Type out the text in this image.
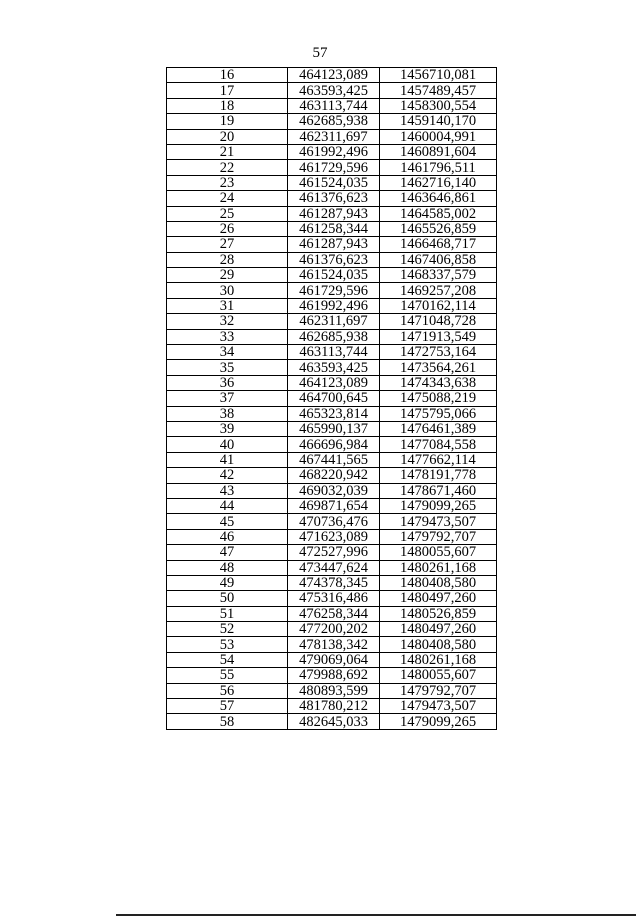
57
16	464123,089	1456710,081
17	463593,425	1457489,457
18	463113,744	1458300,554
19	462685,938	1459140,170
20	462311,697	1460004,991
21	461992,496	1460891,604
22	461729,596	1461796,511
23	461524,035	1462716,140
24	461376,623	1463646,861
25	461287,943	1464585,002
26	461258,344	1465526,859
27	461287,943	1466468,717
28	461376,623	1467406,858
29	461524,035	1468337,579
30	461729,596	1469257,208
31	461992,496	1470162,114
32	462311,697	1471048,728
33	462685,938	1471913,549
34	463113,744	1472753,164
35	463593,425	1473564,261
36	464123,089	1474343,638
37	464700,645	1475088,219
38	465323,814	1475795,066
39	465990,137	1476461,389
40	466696,984	1477084,558
41	467441,565	1477662,114
42	468220,942	1478191,778
43	469032,039	1478671,460
44	469871,654	1479099,265
45	470736,476	1479473,507
46	471623,089	1479792,707
47	472527,996	1480055,607
48	473447,624	1480261,168
49	474378,345	1480408,580
50	475316,486	1480497,260
51	476258,344	1480526,859
52	477200,202	1480497,260
53	478138,342	1480408,580
54	479069,064	1480261,168
55	479988,692	1480055,607
56	480893,599	1479792,707
57	481780,212	1479473,507
58	482645,033	1479099,265
